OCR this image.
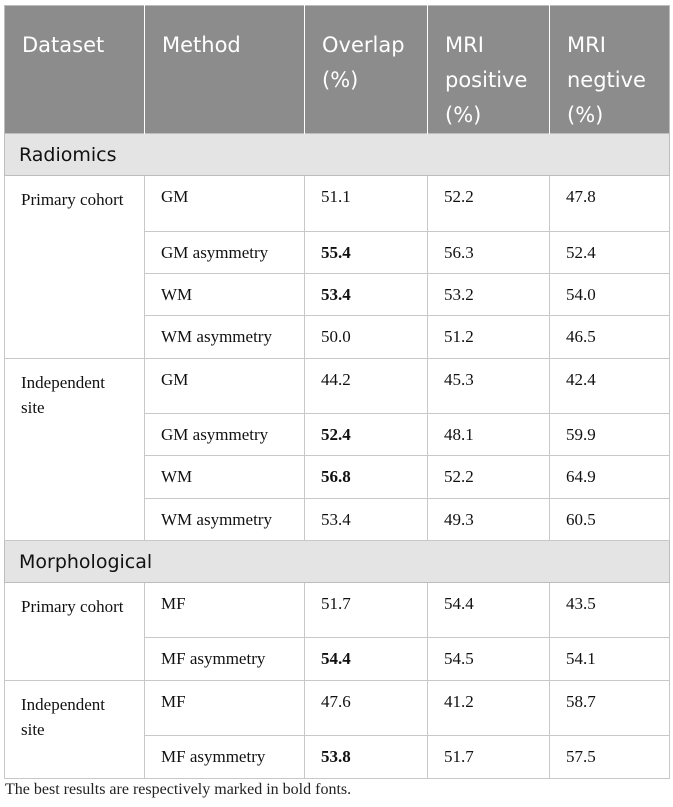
Dataset	Method	Overlap (%)	MRI positive (%)	MRI negtive (%)
Radiomics				
Primary cohort	GM	51.1	52.2	47.8
	GM asymmetry	55.4	56.3	52.4
	WM	53.4	53.2	54.0
	WM asymmetry	50.0	51.2	46.5
Independent site	GM	44.2	45.3	42.4
	GM asymmetry	52.4	48.1	59.9
	WM	56.8	52.2	64.9
	WM asymmetry	53.4	49.3	60.5
Morphological				
Primary cohort	MF	51.7	54.4	43.5
	MF asymmetry	54.4	54.5	54.1
Independent site	MF	47.6	41.2	58.7
	MF asymmetry	53.8	51.7	57.5
The best results are respectively marked in bold fonts.
